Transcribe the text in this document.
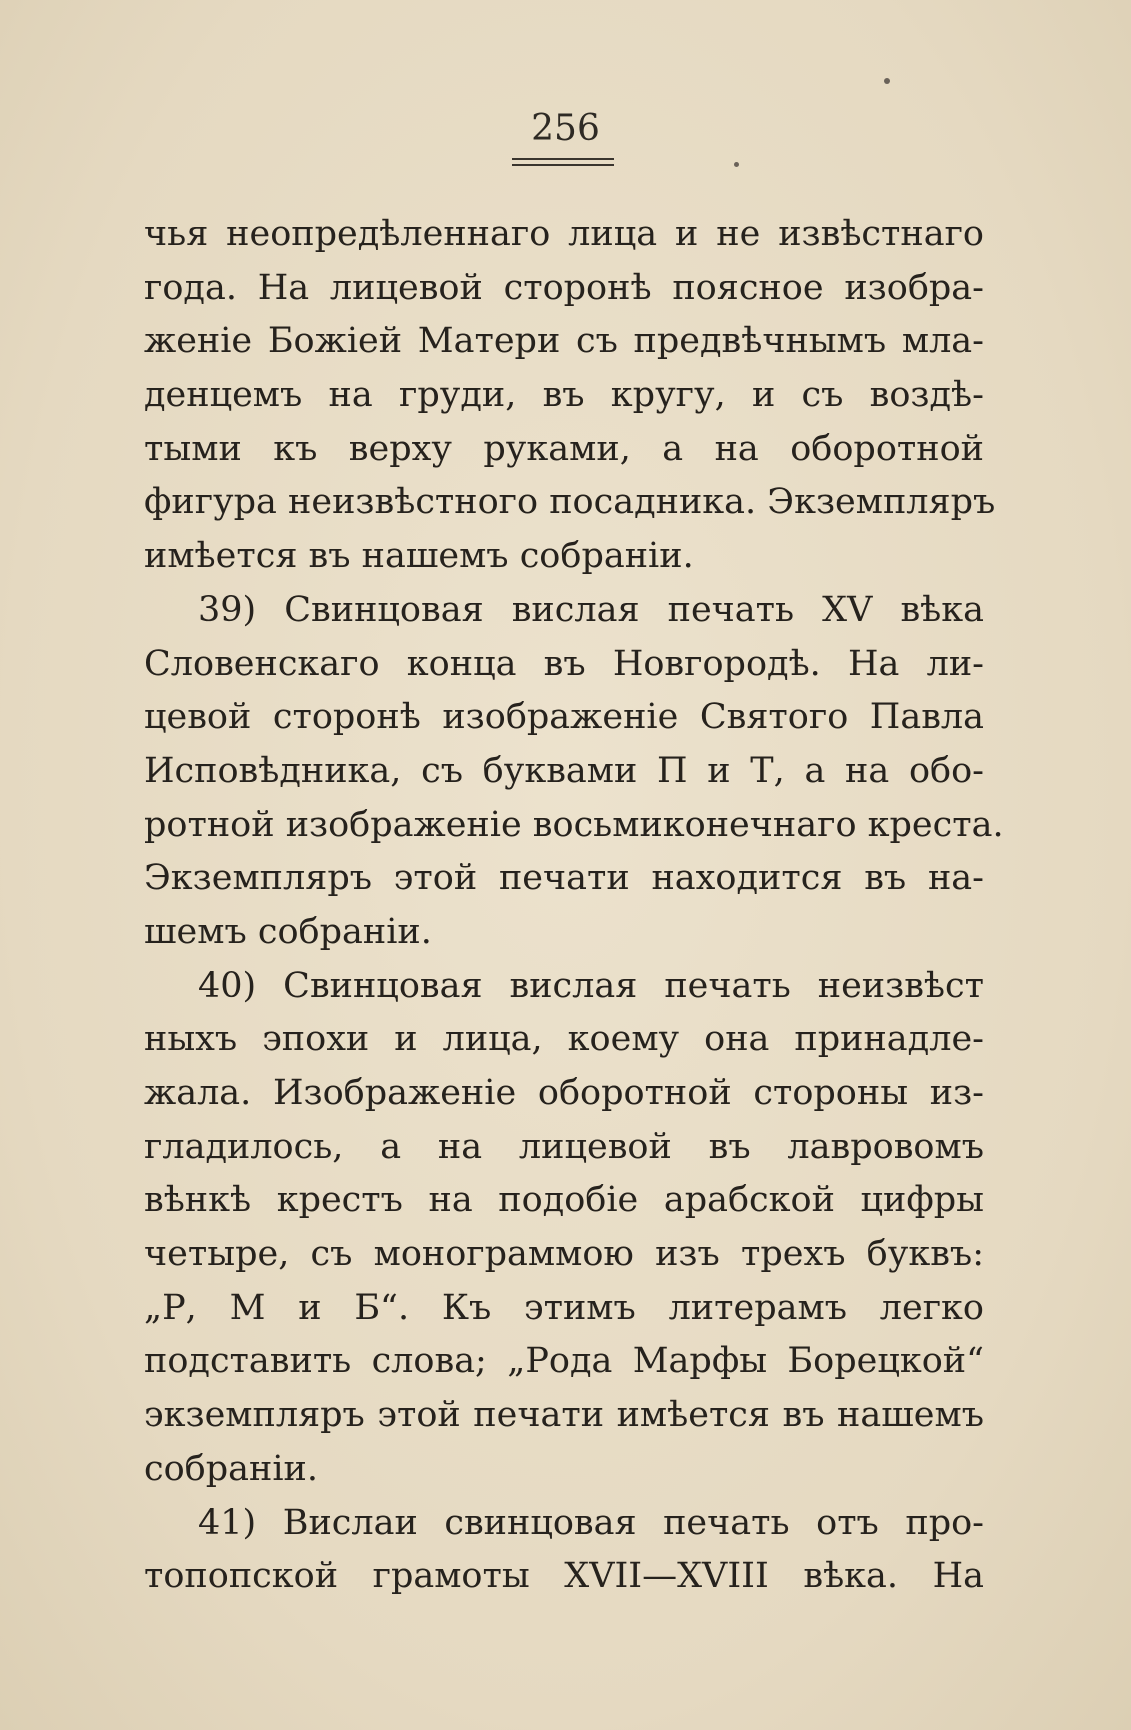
256
чья неопредѣленнаго лица и не извѣстнаго
года. На лицевой сторонѣ поясное изобра-
женіе Божіей Матери съ предвѣчнымъ мла-
денцемъ на груди, въ кругу, и съ воздѣ-
тыми къ верху руками, а на оборотной
фигура неизвѣстного посадника. Экземпляръ
имѣется въ нашемъ собраніи.
39) Свинцовая вислая печать XV вѣка
Словенскаго конца въ Новгородѣ. На ли-
цевой сторонѣ изображеніе Святого Павла
Исповѣдника, съ буквами П и Т, а на обо-
ротной изображеніе восьмиконечнаго креста.
Экземпляръ этой печати находится въ на-
шемъ собраніи.
40) Свинцовая вислая печать неизвѣст
ныхъ эпохи и лица, коему она принадле-
жала. Изображеніе оборотной стороны из-
гладилось, а на лицевой въ лавровомъ
вѣнкѣ крестъ на подобіе арабской цифры
четыре, съ монограммою изъ трехъ буквъ:
„Р, М и Б“. Къ этимъ литерамъ легко
подставить слова; „Рода Марфы Борецкой“
экземпляръ этой печати имѣется въ нашемъ
собраніи.
41) Вислаи свинцовая печать отъ про-
топопской грамоты XVII—XVIII вѣка. На
